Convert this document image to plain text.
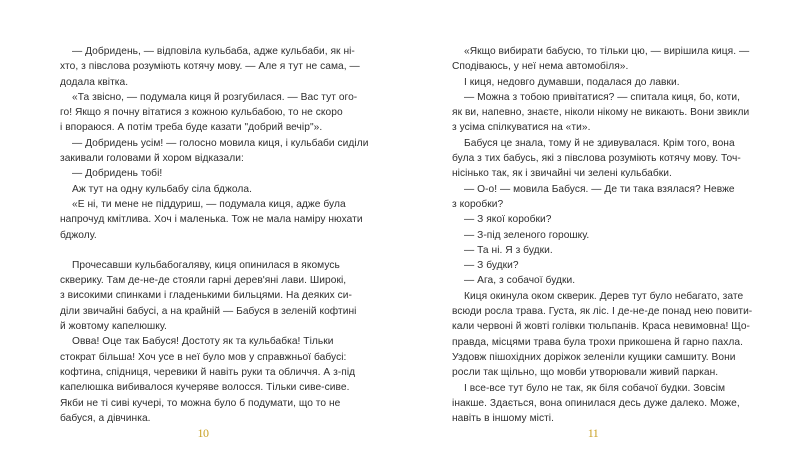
— Добридень, — відповіла кульбаба, адже кульбаби, як ні-
хто, з півслова розуміють котячу мову. — Але я тут не сама, —
додала квітка.

«Та звісно, — подумала киця й розгубилася. — Вас тут ого-
го! Якщо я почну вітатися з кожною кульбабою, то не скоро
і впораюся. А потім треба буде казати "добрий вечір"».

— Добридень усім! — голосно мовила киця, і кульбаби сиділи
закивали головами й хором відказали:

— Добридень тобі!

Аж тут на одну кульбабу сіла бджола.

«Е ні, ти мене не піддуриш, — подумала киця, адже була
напрочуд кмітлива. Хоч і маленька. Тож не мала наміру нюхати
бджолу.

Прочесавши кульбабогаляву, киця опинилася в якомусь
скверику. Там де-не-де стояли гарні дерев'яні лави. Широкі,
з високими спинками і гладенькими бильцями. На деяких си-
діли звичайні бабусі, а на крайній — Бабуся в зеленій кофтині
й жовтому капелюшку.

Овва! Оце так Бабуся! Достоту як та кульбабка! Тільки
стократ більша! Хоч усе в неї було мов у справжньої бабусі:
кофтина, спідниця, черевики й навіть руки та обличчя. А з-під
капелюшка вибивалося кучеряве волосся. Тільки сиве-сиве.
Якби не ті сиві кучері, то можна було б подумати, що то не
бабуся, а дівчинка.

«Якщо вибирати бабусю, то тільки цю, — вирішила киця. —
Сподіваюсь, у неї нема автомобіля».

І киця, недовго думавши, подалася до лавки.

— Можна з тобою привітатися? — спитала киця, бо, коти,
як ви, напевно, знаєте, ніколи нікому не викають. Вони звикли
з усіма спілкуватися на «ти».

Бабуся це знала, тому й не здивувалася. Крім того, вона
була з тих бабусь, які з півслова розуміють котячу мову. Точ-
нісінько так, як і звичайні чи зелені кульбабки.

— О-о! — мовила Бабуся. — Де ти така взялася? Невже
з коробки?

— З якої коробки?

— З-під зеленого горошку.

— Та ні. Я з будки.

— З будки?

— Ага, з собачої будки.

Киця окинула оком скверик. Дерев тут було небагато, зате
всюди росла трава. Густа, як ліс. І де-не-де понад нею повити-
кали червоні й жовті голівки тюльпанів. Краса невимовна! Що-
правда, місцями трава була трохи прикошена й гарно пахла.
Уздовж пішохідних доріжок зеленіли кущики самшиту. Вони
росли так щільно, що мовби утворювали живий паркан.

І все-все тут було не так, як біля собачої будки. Зовсім
інакше. Здається, вона опинилася десь дуже далеко. Може,
навіть в іншому місті.

10	11
